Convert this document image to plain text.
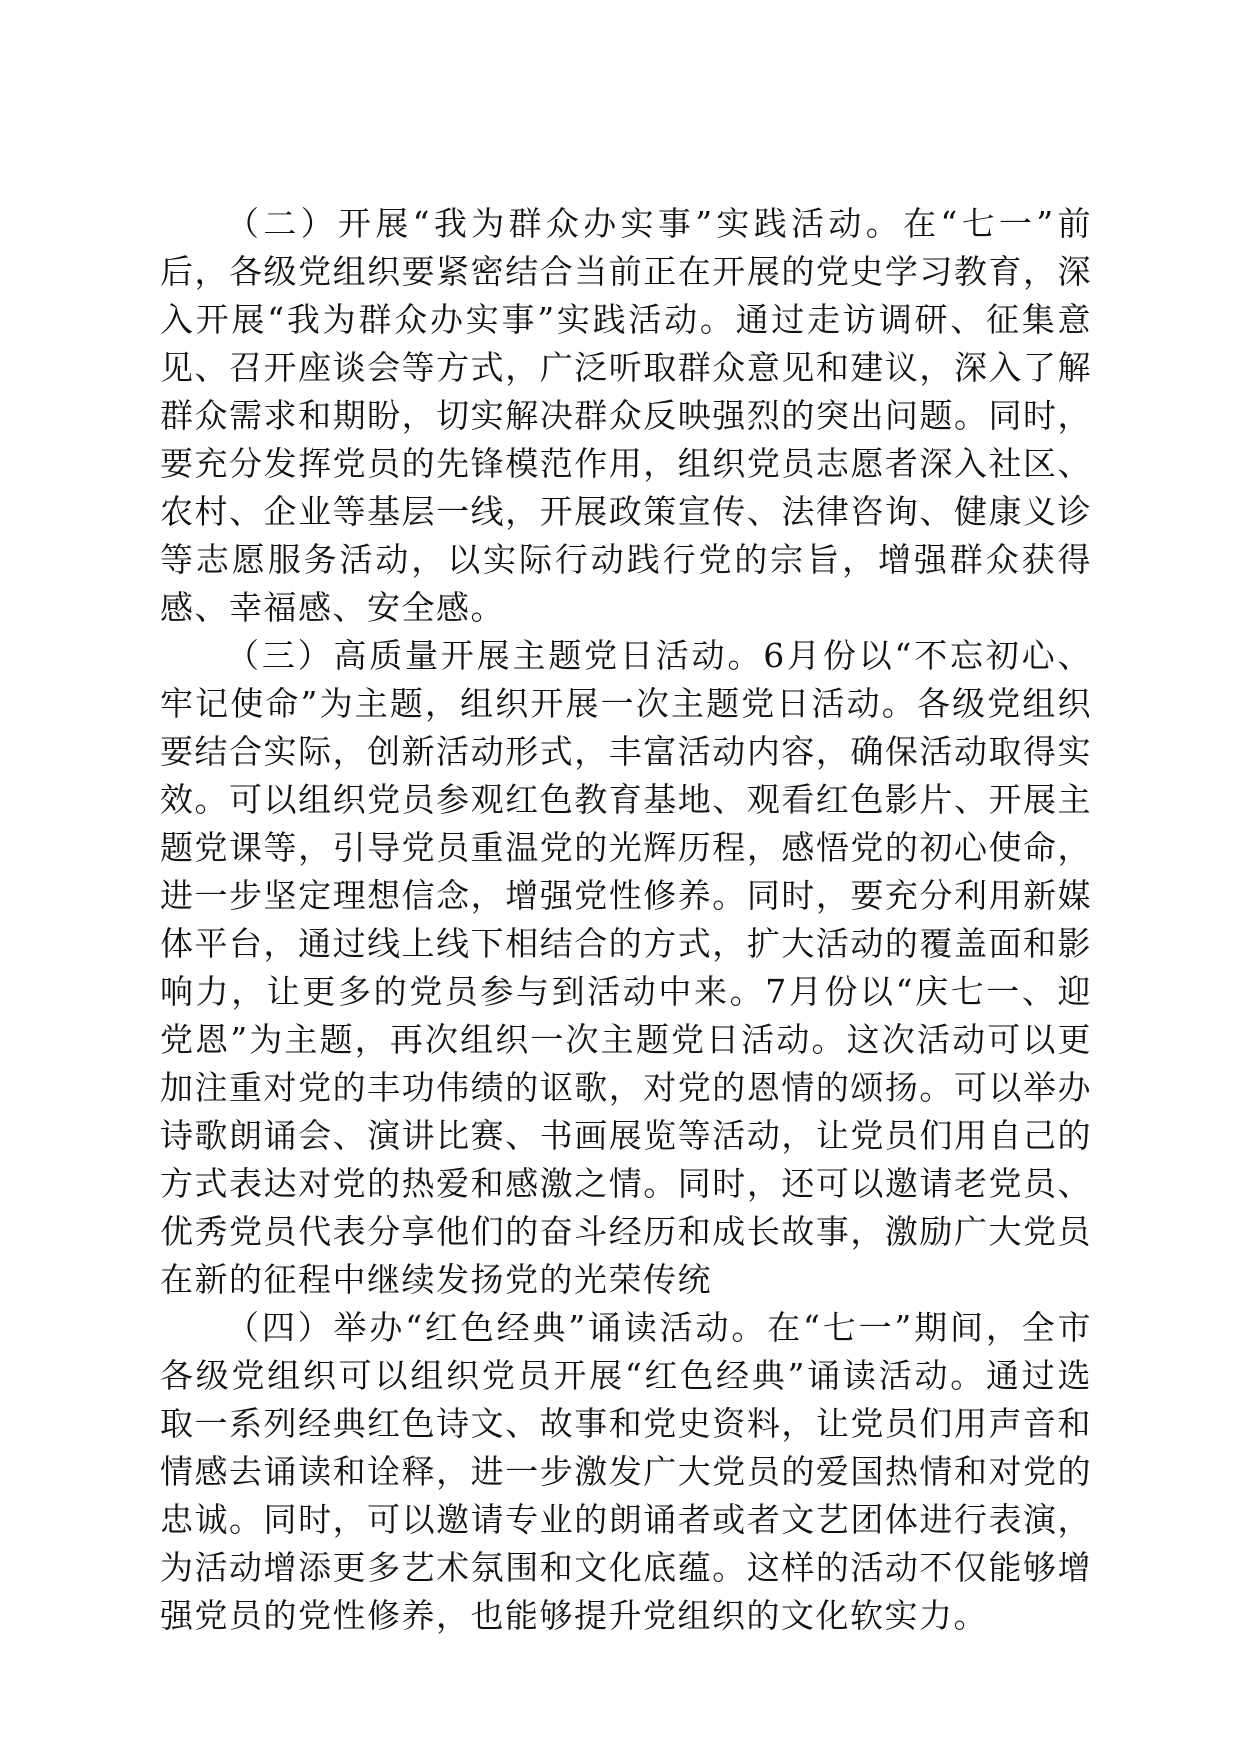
（二）开展“我为群众办实事”实践活动。在“七一”前后，各级党组织要紧密结合当前正在开展的党史学习教育，深入开展“我为群众办实事”实践活动。通过走访调研、征集意见、召开座谈会等方式，广泛听取群众意见和建议，深入了解群众需求和期盼，切实解决群众反映强烈的突出问题。同时，要充分发挥党员的先锋模范作用，组织党员志愿者深入社区、农村、企业等基层一线，开展政策宣传、法律咨询、健康义诊等志愿服务活动，以实际行动践行党的宗旨，增强群众获得感、幸福感、安全感。

（三）高质量开展主题党日活动。6月份以“不忘初心、牢记使命”为主题，组织开展一次主题党日活动。各级党组织要结合实际，创新活动形式，丰富活动内容，确保活动取得实效。可以组织党员参观红色教育基地、观看红色影片、开展主题党课等，引导党员重温党的光辉历程，感悟党的初心使命，进一步坚定理想信念，增强党性修养。同时，要充分利用新媒体平台，通过线上线下相结合的方式，扩大活动的覆盖面和影响力，让更多的党员参与到活动中来。7月份以“庆七一、迎党恩”为主题，再次组织一次主题党日活动。这次活动可以更加注重对党的丰功伟绩的讴歌，对党的恩情的颂扬。可以举办诗歌朗诵会、演讲比赛、书画展览等活动，让党员们用自己的方式表达对党的热爱和感激之情。同时，还可以邀请老党员、优秀党员代表分享他们的奋斗经历和成长故事，激励广大党员在新的征程中继续发扬党的光荣传统

（四）举办“红色经典”诵读活动。在“七一”期间，全市各级党组织可以组织党员开展“红色经典”诵读活动。通过选取一系列经典红色诗文、故事和党史资料，让党员们用声音和情感去诵读和诠释，进一步激发广大党员的爱国热情和对党的忠诚。同时，可以邀请专业的朗诵者或者文艺团体进行表演，为活动增添更多艺术氛围和文化底蕴。这样的活动不仅能够增强党员的党性修养，也能够提升党组织的文化软实力。
